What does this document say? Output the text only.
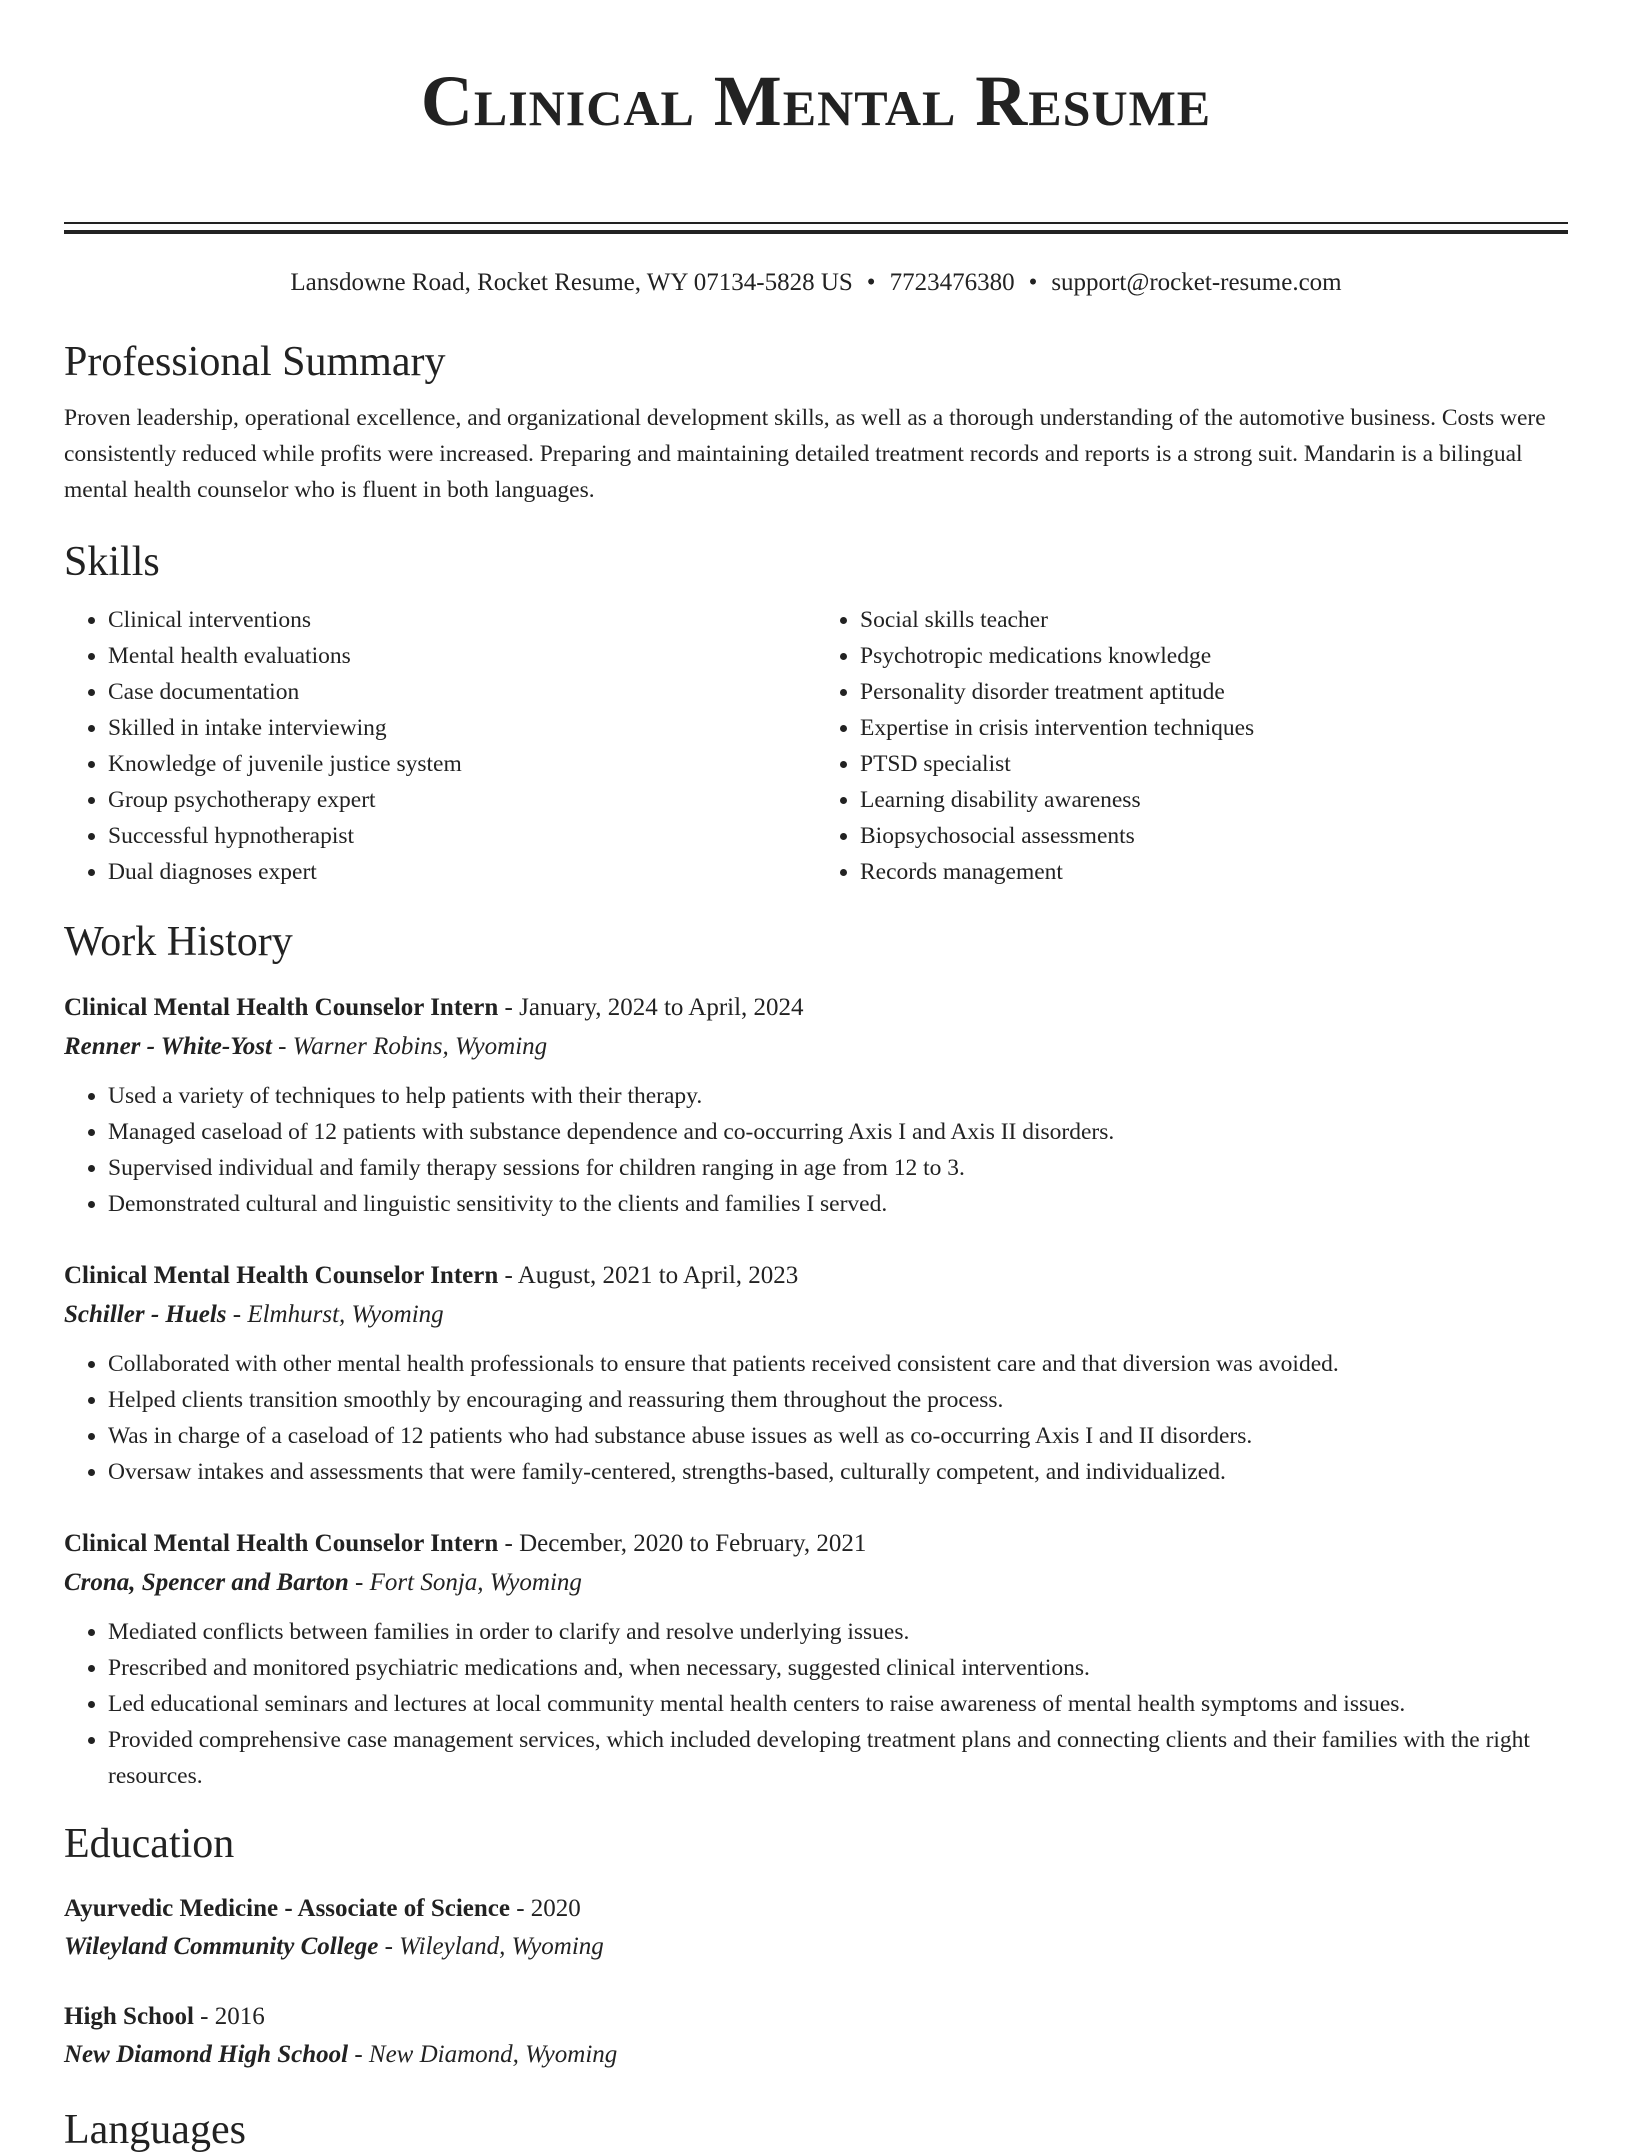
Clinical Mental Resume
Lansdowne Road, Rocket Resume, WY 07134-5828 US • 7723476380 • support@rocket-resume.com
Professional Summary

Proven leadership, operational excellence, and organizational development skills, as well as a thorough understanding of the automotive business. Costs were consistently reduced while profits were increased. Preparing and maintaining detailed treatment records and reports is a strong suit. Mandarin is a bilingual mental health counselor who is fluent in both languages.

Skills
• Clinical interventions
• Mental health evaluations
• Case documentation
• Skilled in intake interviewing
• Knowledge of juvenile justice system
• Group psychotherapy expert
• Successful hypnotherapist
• Dual diagnoses expert
• Social skills teacher
• Psychotropic medications knowledge
• Personality disorder treatment aptitude
• Expertise in crisis intervention techniques
• PTSD specialist
• Learning disability awareness
• Biopsychosocial assessments
• Records management
Work History
Clinical Mental Health Counselor Intern - January, 2024 to April, 2024
Renner - White-Yost - Warner Robins, Wyoming
• Used a variety of techniques to help patients with their therapy.
• Managed caseload of 12 patients with substance dependence and co-occurring Axis I and Axis II disorders.
• Supervised individual and family therapy sessions for children ranging in age from 12 to 3.
• Demonstrated cultural and linguistic sensitivity to the clients and families I served.
Clinical Mental Health Counselor Intern - August, 2021 to April, 2023
Schiller - Huels - Elmhurst, Wyoming
• Collaborated with other mental health professionals to ensure that patients received consistent care and that diversion was avoided.
• Helped clients transition smoothly by encouraging and reassuring them throughout the process.
• Was in charge of a caseload of 12 patients who had substance abuse issues as well as co-occurring Axis I and II disorders.
• Oversaw intakes and assessments that were family-centered, strengths-based, culturally competent, and individualized.
Clinical Mental Health Counselor Intern - December, 2020 to February, 2021
Crona, Spencer and Barton - Fort Sonja, Wyoming
• Mediated conflicts between families in order to clarify and resolve underlying issues.
• Prescribed and monitored psychiatric medications and, when necessary, suggested clinical interventions.
• Led educational seminars and lectures at local community mental health centers to raise awareness of mental health symptoms and issues.
• Provided comprehensive case management services, which included developing treatment plans and connecting clients and their families with the right resources.
Education
Ayurvedic Medicine - Associate of Science - 2020
Wileyland Community College - Wileyland, Wyoming
High School - 2016
New Diamond High School - New Diamond, Wyoming
Languages
